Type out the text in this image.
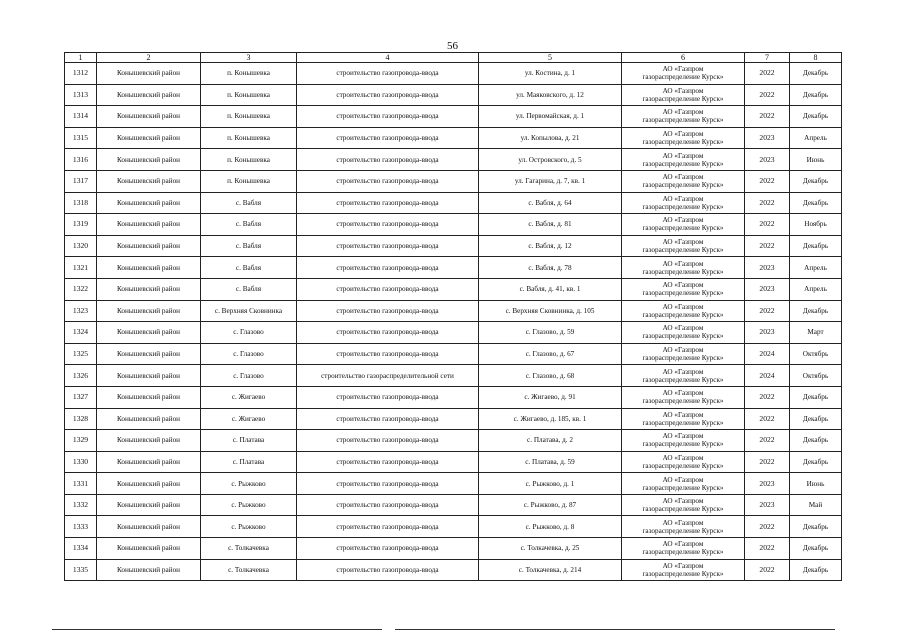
56
1	2	3	4	5	6	7	8
1312	Конышевский район	п. Конышевка	строительство газопровода-ввода	ул. Костина, д. 1	АО «Газпром
газораспределение Курск»	2022	Декабрь
1313	Конышевский район	п. Конышевка	строительство газопровода-ввода	ул. Маяковского, д. 12	АО «Газпром
газораспределение Курск»	2022	Декабрь
1314	Конышевский район	п. Конышевка	строительство газопровода-ввода	ул. Первомайская, д. 1	АО «Газпром
газораспределение Курск»	2022	Декабрь
1315	Конышевский район	п. Конышевка	строительство газопровода-ввода	ул. Копылова, д. 21	АО «Газпром
газораспределение Курск»	2023	Апрель
1316	Конышевский район	п. Конышевка	строительство газопровода-ввода	ул. Островского, д. 5	АО «Газпром
газораспределение Курск»	2023	Июнь
1317	Конышевский район	п. Конышевка	строительство газопровода-ввода	ул. Гагарина, д. 7, кв. 1	АО «Газпром
газораспределение Курск»	2022	Декабрь
1318	Конышевский район	с. Вабля	строительство газопровода-ввода	с. Вабля, д. 64	АО «Газпром
газораспределение Курск»	2022	Декабрь
1319	Конышевский район	с. Вабля	строительство газопровода-ввода	с. Вабля, д. 81	АО «Газпром
газораспределение Курск»	2022	Ноябрь
1320	Конышевский район	с. Вабля	строительство газопровода-ввода	с. Вабля, д. 12	АО «Газпром
газораспределение Курск»	2022	Декабрь
1321	Конышевский район	с. Вабля	строительство газопровода-ввода	с. Вабля, д. 78	АО «Газпром
газораспределение Курск»	2023	Апрель
1322	Конышевский район	с. Вабля	строительство газопровода-ввода	с. Вабля, д. 41, кв. 1	АО «Газпром
газораспределение Курск»	2023	Апрель
1323	Конышевский район	с. Верхняя Сковнинка	строительство газопровода-ввода	с. Верхняя Сковнинка, д. 105	АО «Газпром
газораспределение Курск»	2022	Декабрь
1324	Конышевский район	с. Глазово	строительство газопровода-ввода	с. Глазово, д. 59	АО «Газпром
газораспределение Курск»	2023	Март
1325	Конышевский район	с. Глазово	строительство газопровода-ввода	с. Глазово, д. 67	АО «Газпром
газораспределение Курск»	2024	Октябрь
1326	Конышевский район	с. Глазово	строительство газораспределительной сети	с. Глазово, д. 68	АО «Газпром
газораспределение Курск»	2024	Октябрь
1327	Конышевский район	с. Жигаево	строительство газопровода-ввода	с. Жигаево, д. 91	АО «Газпром
газораспределение Курск»	2022	Декабрь
1328	Конышевский район	с. Жигаево	строительство газопровода-ввода	с. Жигаево, д. 185, кв. 1	АО «Газпром
газораспределение Курск»	2022	Декабрь
1329	Конышевский район	с. Платава	строительство газопровода-ввода	с. Платава, д. 2	АО «Газпром
газораспределение Курск»	2022	Декабрь
1330	Конышевский район	с. Платава	строительство газопровода-ввода	с. Платава, д. 59	АО «Газпром
газораспределение Курск»	2022	Декабрь
1331	Конышевский район	с. Рыжково	строительство газопровода-ввода	с. Рыжково, д. 1	АО «Газпром
газораспределение Курск»	2023	Июнь
1332	Конышевский район	с. Рыжково	строительство газопровода-ввода	с. Рыжково, д. 87	АО «Газпром
газораспределение Курск»	2023	Май
1333	Конышевский район	с. Рыжково	строительство газопровода-ввода	с. Рыжково, д. 8	АО «Газпром
газораспределение Курск»	2022	Декабрь
1334	Конышевский район	с. Толкачевка	строительство газопровода-ввода	с. Толкачевка, д. 25	АО «Газпром
газораспределение Курск»	2022	Декабрь
1335	Конышевский район	с. Толкачевка	строительство газопровода-ввода	с. Толкачевка, д. 214	АО «Газпром
газораспределение Курск»	2022	Декабрь
